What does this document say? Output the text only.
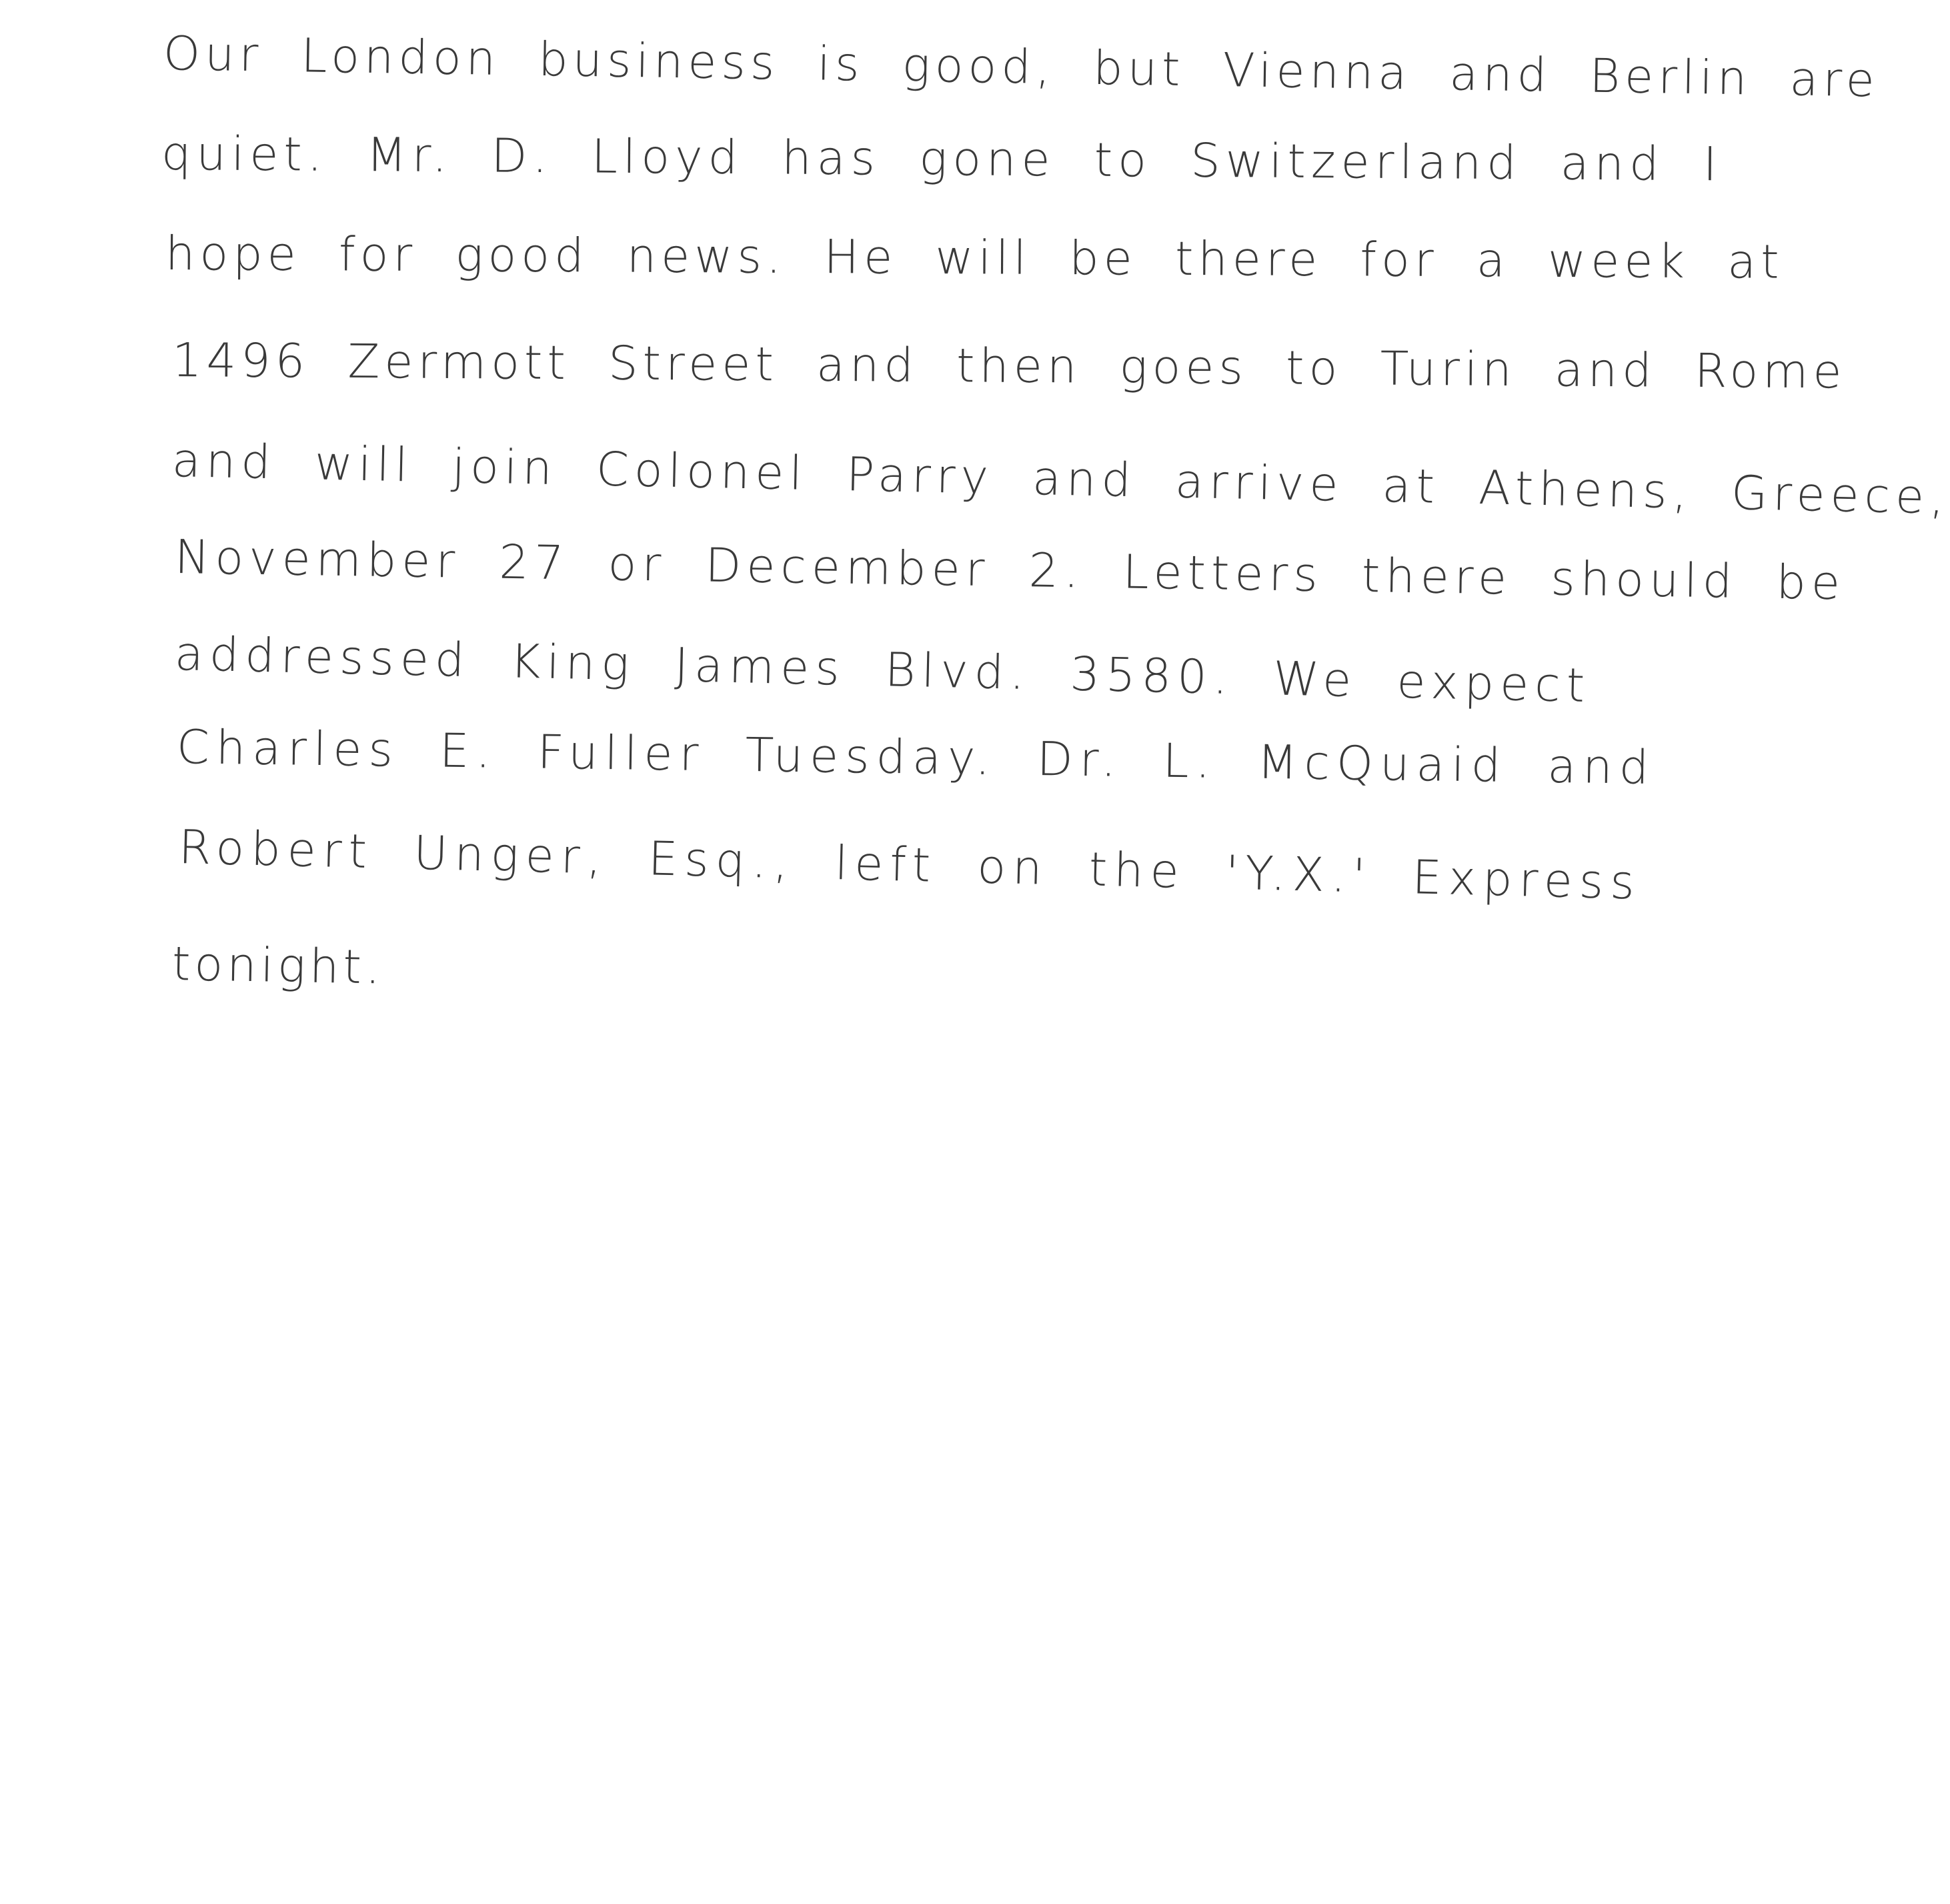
Our London business is good, but Vienna and Berlin are
quiet. Mr. D. Lloyd has gone to Switzerland and I
hope for good news. He will be there for a week at
1496 Zermott Street and then goes to Turin and Rome
and will join Colonel Parry and arrive at Athens, Greece,
November 27 or December 2. Letters there should be
addressed King James Blvd. 3580. We expect
Charles E. Fuller Tuesday. Dr. L. McQuaid and
Robert Unger, Esq., left on the 'Y.X.' Express
tonight.
